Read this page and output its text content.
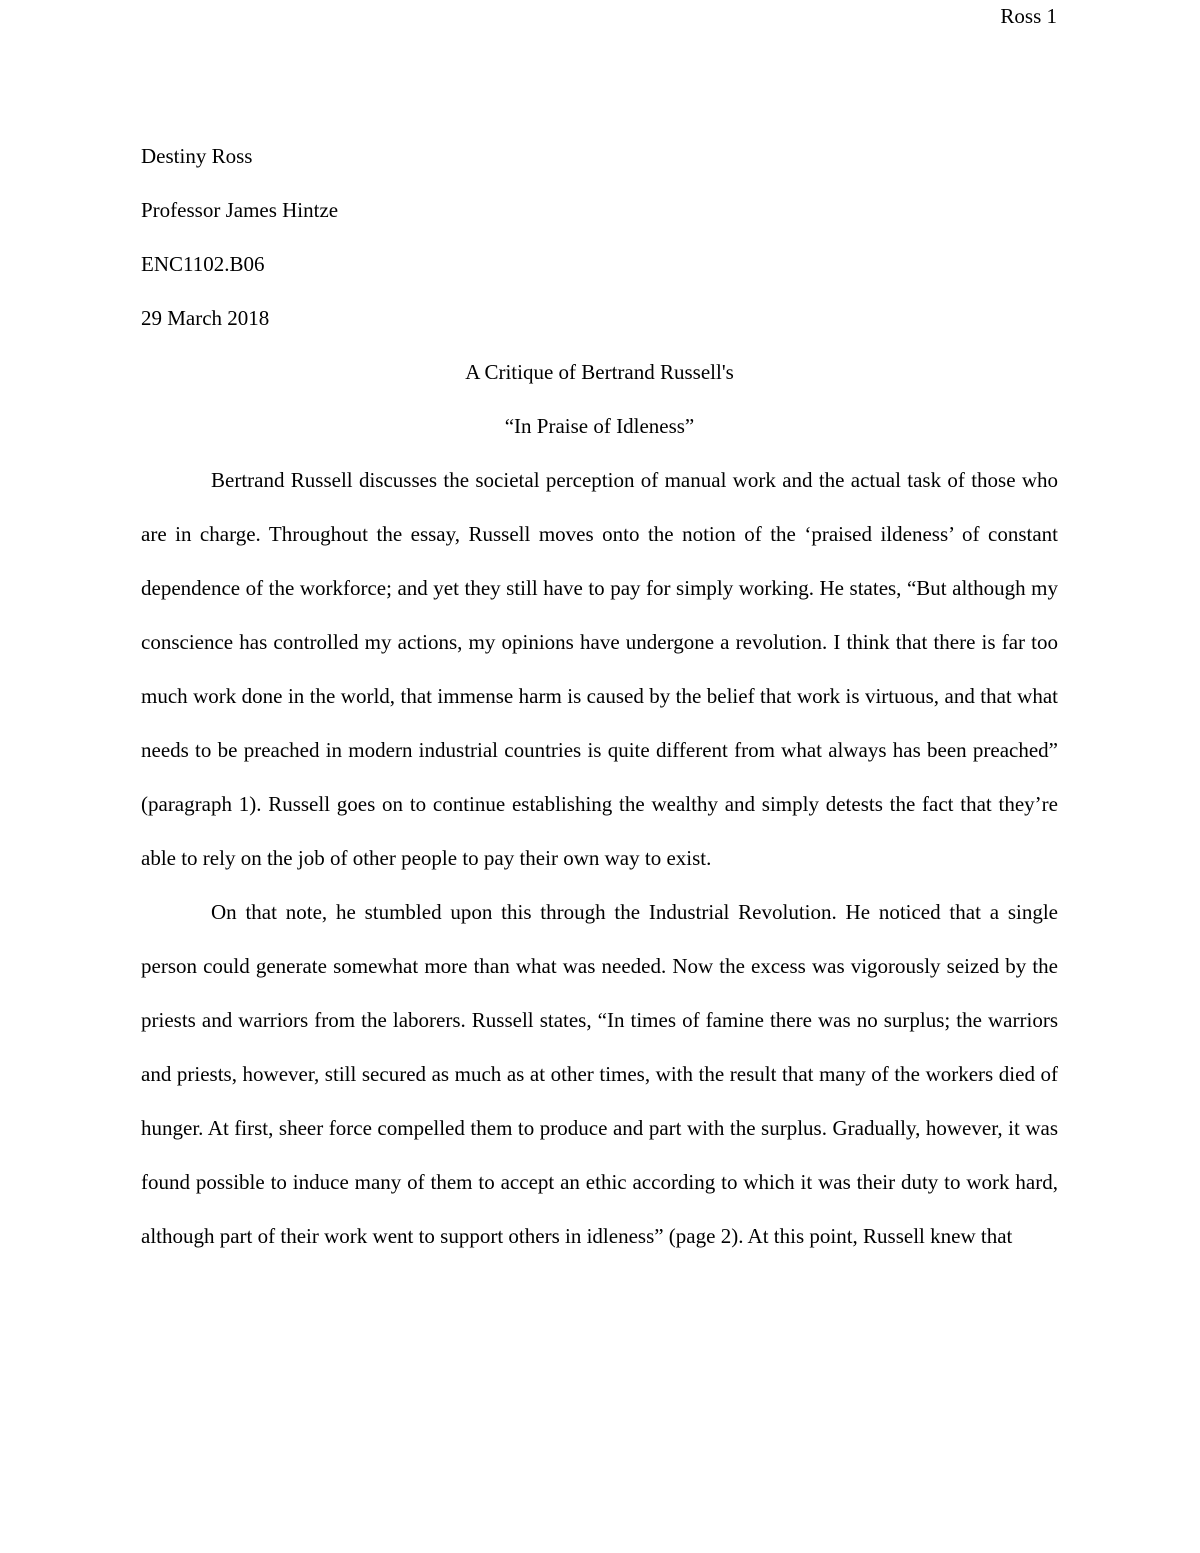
Ross 1

Destiny Ross

Professor James Hintze

ENC1102.B06

29 March 2018

A Critique of Bertrand Russell's

“In Praise of Idleness”

Bertrand Russell discusses the societal perception of manual work and the actual task of those who are in charge. Throughout the essay, Russell moves onto the notion of the ‘praised ildeness’ of constant dependence of the workforce; and yet they still have to pay for simply working. He states, “But although my conscience has controlled my actions, my opinions have undergone a revolution. I think that there is far too much work done in the world, that immense harm is caused by the belief that work is virtuous, and that what needs to be preached in modern industrial countries is quite different from what always has been preached” (paragraph 1). Russell goes on to continue establishing the wealthy and simply detests the fact that they’re able to rely on the job of other people to pay their own way to exist.

On that note, he stumbled upon this through the Industrial Revolution. He noticed that a single person could generate somewhat more than what was needed. Now the excess was vigorously seized by the priests and warriors from the laborers. Russell states, “In times of famine there was no surplus; the warriors and priests, however, still secured as much as at other times, with the result that many of the workers died of hunger. At first, sheer force compelled them to produce and part with the surplus. Gradually, however, it was found possible to induce many of them to accept an ethic according to which it was their duty to work hard, although part of their work went to support others in idleness” (page 2). At this point, Russell knew that
